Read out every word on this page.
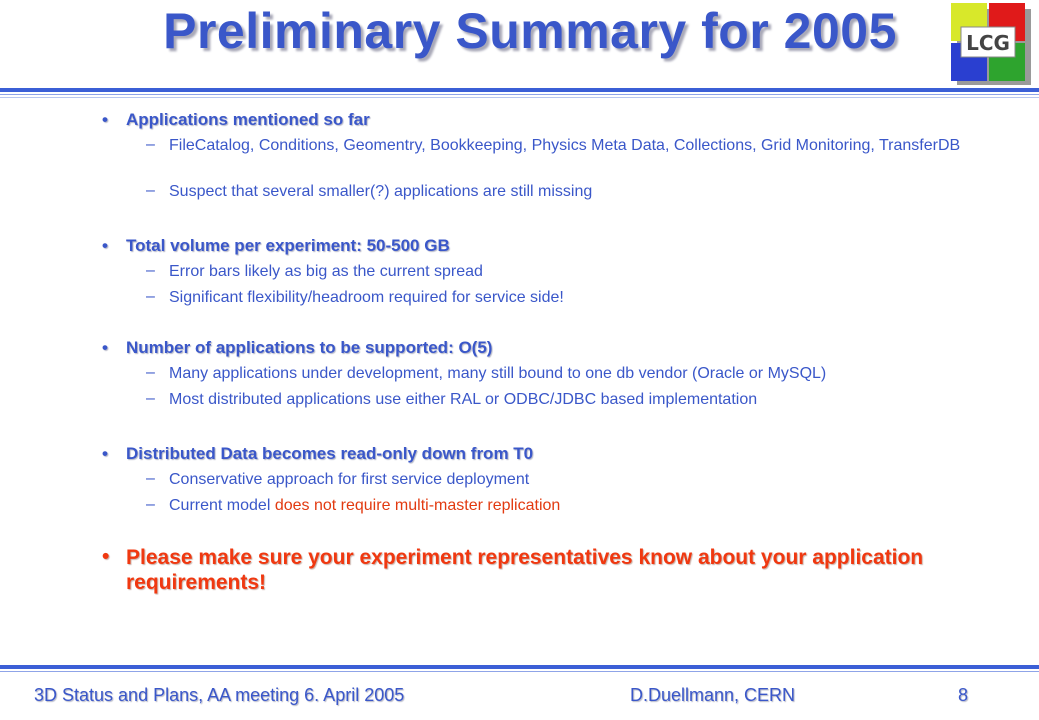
Preliminary Summary for 2005	LCG
• Applications mentioned so far
– FileCatalog, Conditions, Geomentry, Bookkeeping, Physics Meta Data, Collections, Grid Monitoring, TransferDB
– Suspect that several smaller(?) applications are still missing
• Total volume per experiment: 50-500 GB
– Error bars likely as big as the current spread
– Significant flexibility/headroom required for service side!
• Number of applications to be supported: O(5)
– Many applications under development, many still bound to one db vendor (Oracle or MySQL)
– Most distributed applications use either RAL or ODBC/JDBC based implementation
• Distributed Data becomes read-only down from T0
– Conservative approach for first service deployment
– Current model does not require multi-master replication
• Please make sure your experiment representatives know about your application requirements!
3D Status and Plans, AA meeting 6. April 2005	D.Duellmann, CERN	8
